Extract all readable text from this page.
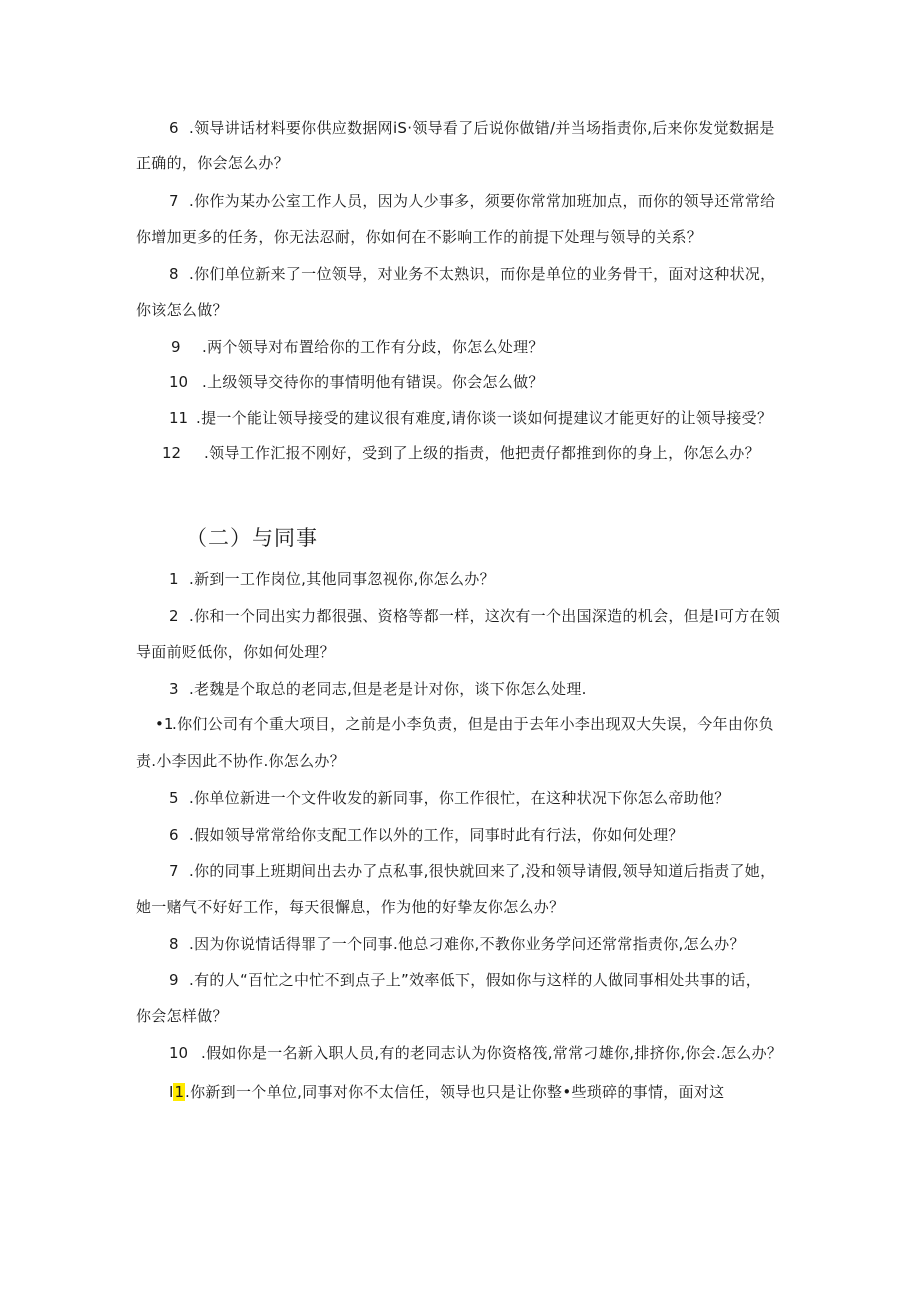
6 .领导讲话材料要你供应数据网iS·领导看了后说你做错/并当场指责你,后来你发觉数据是
正确的，你会怎么办？
7 .你作为某办公室工作人员，因为人少事多，须要你常常加班加点，而你的领导还常常给
你增加更多的任务，你无法忍耐，你如何在不影响工作的前提下处理与领导的关系？
8 .你们单位新来了一位领导，对业务不太熟识，而你是单位的业务骨干，面对这种状况，
你该怎么做？
9 .两个领导对布置给你的工作有分歧，你怎么处理？
10 .上级领导交待你的事情明他有错误。你会怎么做？
11 .提一个能让领导接受的建议很有难度,请你谈一谈如何提建议才能更好的让领导接受？
12 .领导工作汇报不刚好，受到了上级的指责，他把责仔都推到你的身上，你怎么办？
（二）与同事
1 .新到一工作岗位,其他同事忽视你,你怎么办？
2 .你和一个同出实力都很强、资格等都一样，这次有一个出国深造的机会，但是I可方在领
导面前贬低你，你如何处理？
3 .老魏是个取总的老同志,但是老是计对你，谈下你怎么处理.
•1
.你们公司有个重大项目，之前是小李负责，但是由于去年小李出现双大失误，今年由你负
责.小李因此不协作.你怎么办？
5 .你单位新进一个文件收发的新同事，你工作很忙，在这种状况下你怎么帝助他？
6 .假如领导常常给你支配工作以外的工作，同事时此有行法，你如何处理？
7 .你的同事上班期间出去办了点私事,很快就回来了,没和领导请假,领导知道后指责了她，
她一赌气不好好工作，每天很懈息，作为他的好挚友你怎么办？
8 .因为你说情话得罪了一个同事.他总刁难你,不教你业务学问还常常指责你,怎么办？
9 .有的人“百忙之中忙不到点子上”效率低下，假如你与这样的人做同事相处共事的话，
你会怎样做？
10 .假如你是一名新入职人员,有的老同志认为你资格筏,常常刁雄你,排挤你,你会.怎么办？
I1 .你新到一个单位,同事对你不太信任，领导也只是让你整•些琐碎的事情，面对这
